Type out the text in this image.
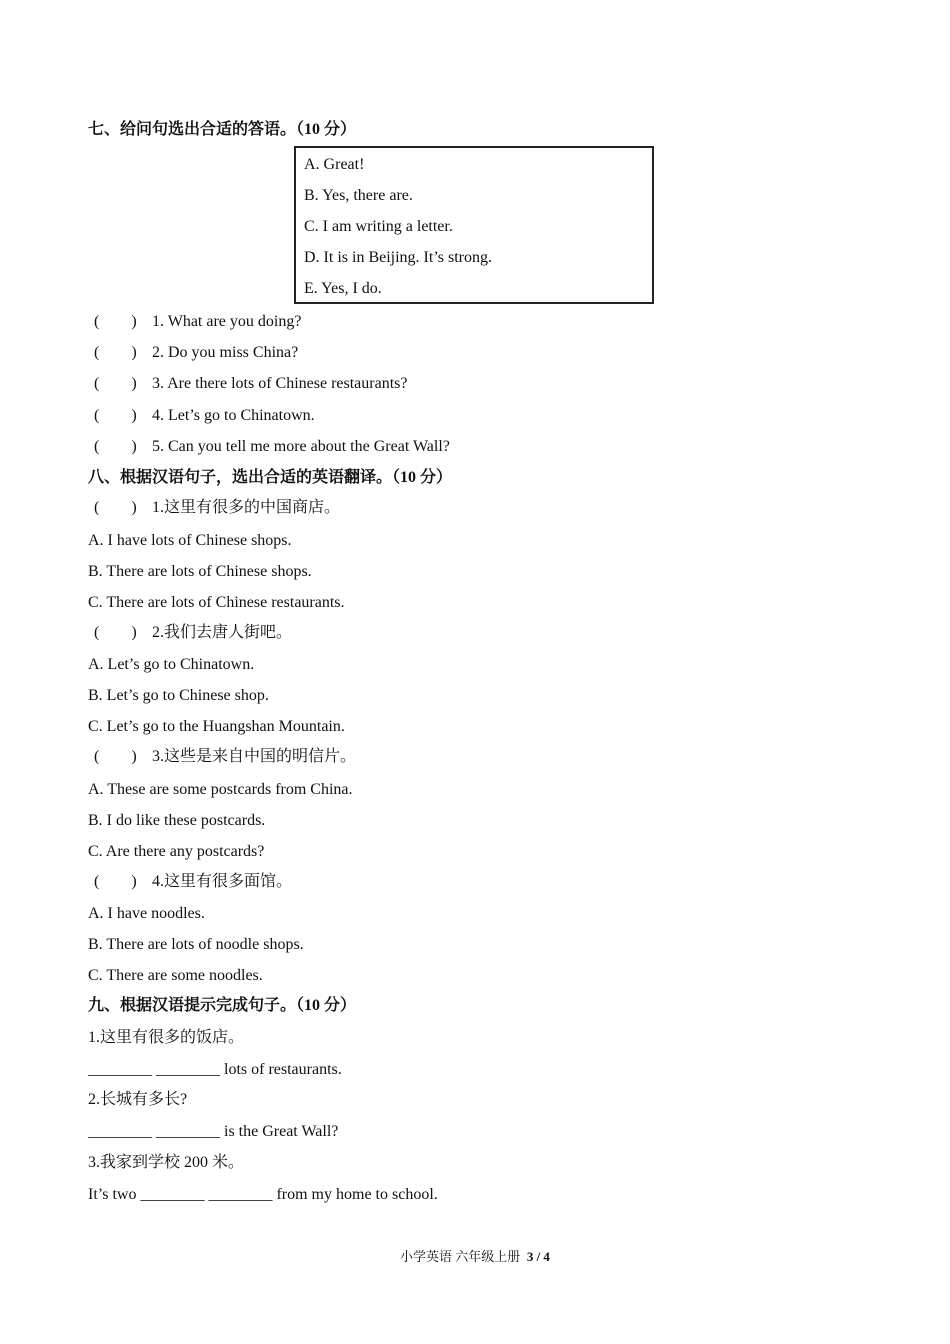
七、给问句选出合适的答语。（10 分）
A. Great!
B. Yes, there are.
C. I am writing a letter.
D. It is in Beijing. It’s strong.
E. Yes, I do.
(　　) 1. What are you doing?
(　　) 2. Do you miss China?
(　　) 3. Are there lots of Chinese restaurants?
(　　) 4. Let’s go to Chinatown.
(　　) 5. Can you tell me more about the Great Wall?
八、根据汉语句子，选出合适的英语翻译。（10 分）
(　　) 1.这里有很多的中国商店。
A. I have lots of Chinese shops.
B. There are lots of Chinese shops.
C. There are lots of Chinese restaurants.
(　　) 2.我们去唐人街吧。
A. Let’s go to Chinatown.
B. Let’s go to Chinese shop.
C. Let’s go to the Huangshan Mountain.
(　　) 3.这些是来自中国的明信片。
A. These are some postcards from China.
B. I do like these postcards.
C. Are there any postcards?
(　　) 4.这里有很多面馆。
A. I have noodles.
B. There are lots of noodle shops.
C. There are some noodles.
九、根据汉语提示完成句子。（10 分）
1.这里有很多的饭店。
________ ________ lots of restaurants.
2.长城有多长?
________ ________ is the Great Wall?
3.我家到学校 200 米。
It’s two ________ ________ from my home to school.
小学英语 六年级上册 3 / 4
